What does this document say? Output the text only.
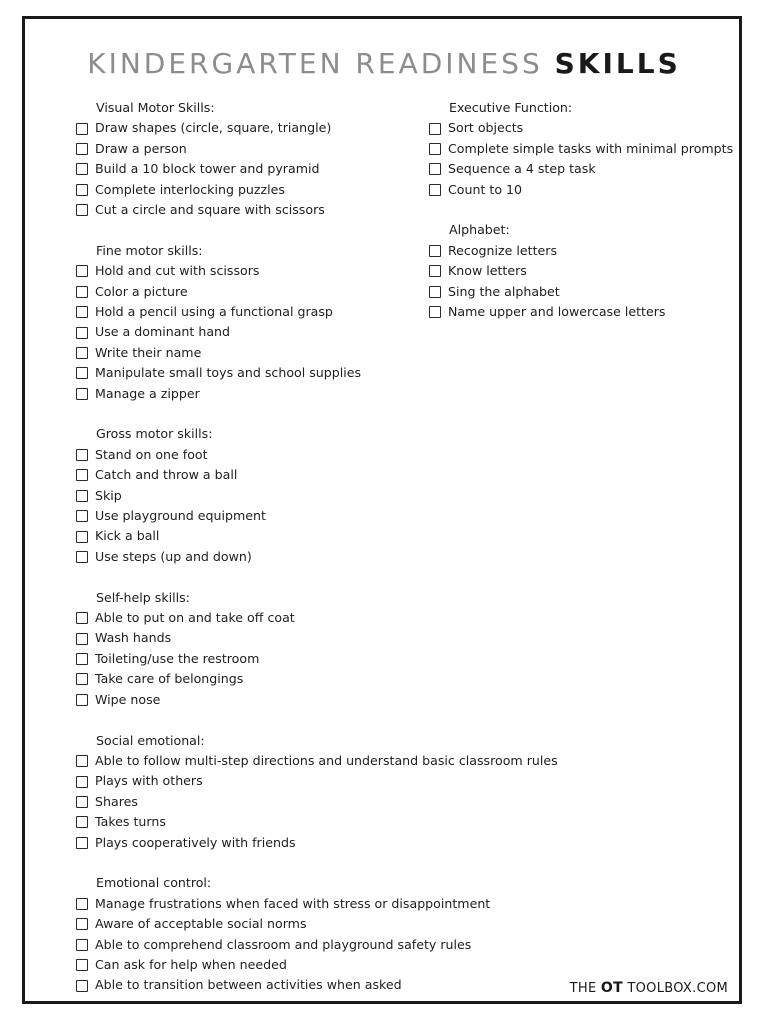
KINDERGARTEN READINESS SKILLS
Visual Motor Skills:
Draw shapes (circle, square, triangle)
Draw a person
Build a 10 block tower and pyramid
Complete interlocking puzzles
Cut a circle and square with scissors
Fine motor skills:
Hold and cut with scissors
Color a picture
Hold a pencil using a functional grasp
Use a dominant hand
Write their name
Manipulate small toys and school supplies
Manage a zipper
Gross motor skills:
Stand on one foot
Catch and throw a ball
Skip
Use playground equipment
Kick a ball
Use steps (up and down)
Self-help skills:
Able to put on and take off coat
Wash hands
Toileting/use the restroom
Take care of belongings
Wipe nose
Social emotional:
Able to follow multi-step directions and understand basic classroom rules
Plays with others
Shares
Takes turns
Plays cooperatively with friends
Emotional control:
Manage frustrations when faced with stress or disappointment
Aware of acceptable social norms
Able to comprehend classroom and playground safety rules
Can ask for help when needed
Able to transition between activities when asked
Executive Function:
Sort objects
Complete simple tasks with minimal prompts
Sequence a 4 step task
Count to 10
Alphabet:
Recognize letters
Know letters
Sing the alphabet
Name upper and lowercase letters
THE OT TOOLBOX.COM
